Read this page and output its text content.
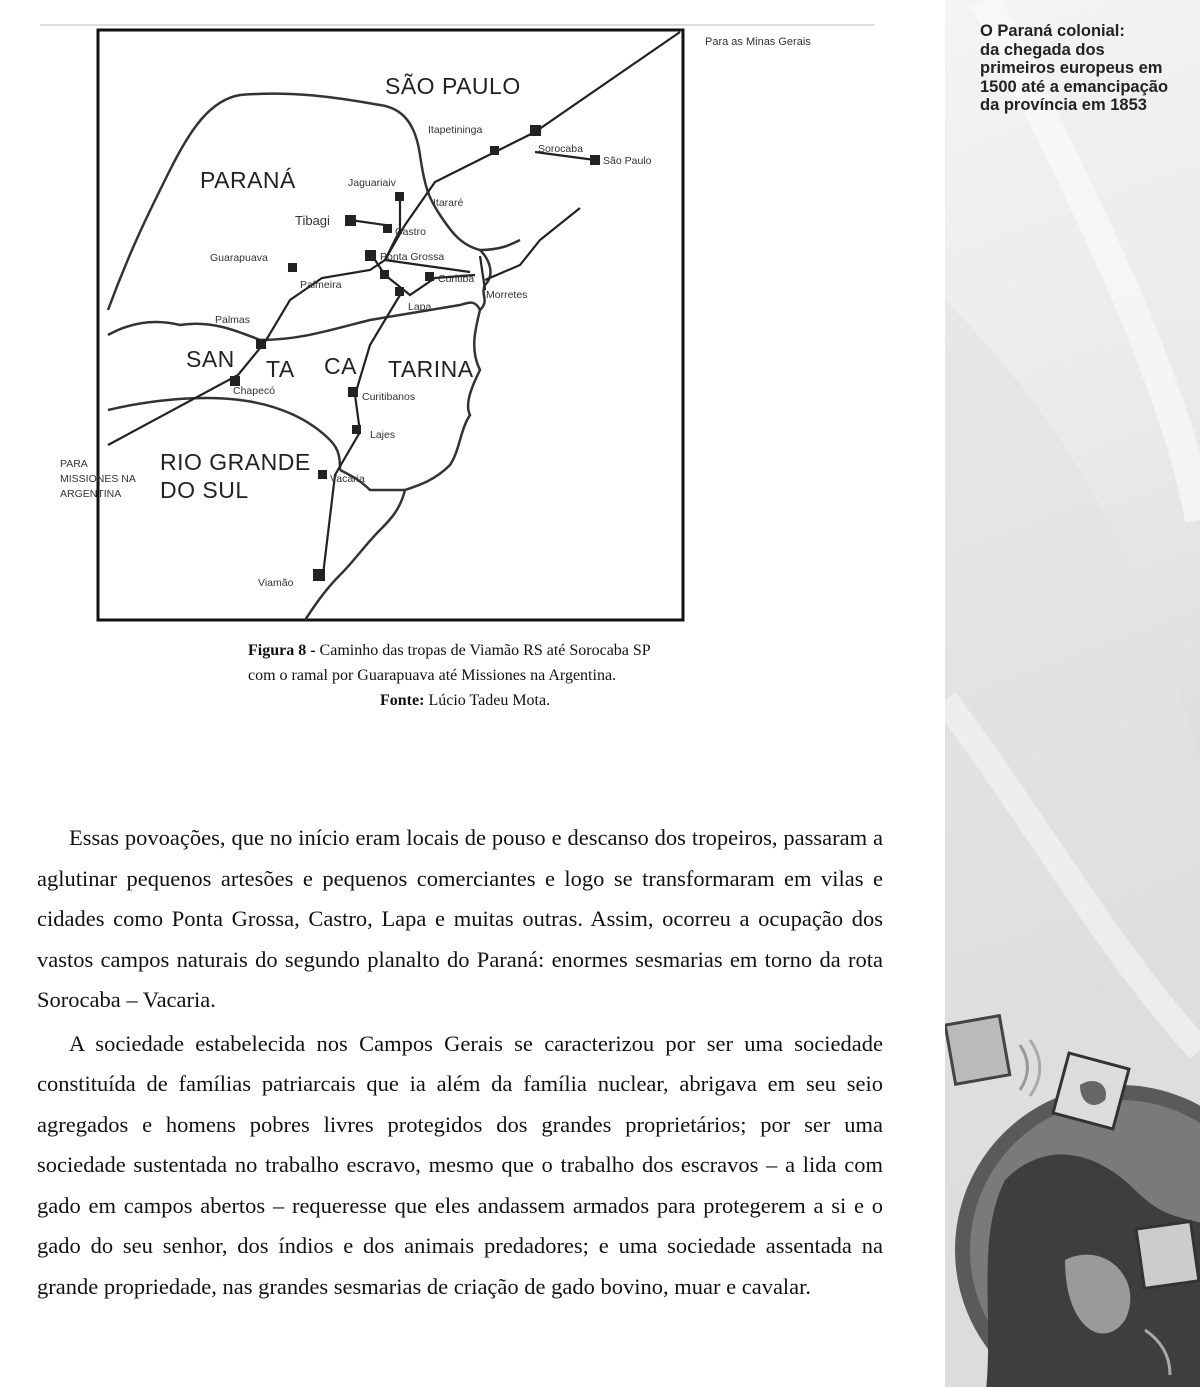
O Paraná colonial:
da chegada dos
primeiros europeus em
1500 até a emancipação
da província em 1853
SÃO PAULO
PARANÁ
SAN TA CA TARINA
RIO GRANDE
DO SUL
Itapetininga
Sorocaba
São Paulo
Jaguariaiv
Itararé
Tibagi
Castro
Guarapuava	Ponta Grossa
Palmeira	Curitiba
Morretes
Lapa
Palmas
Chapecó	Curitibanos
Lajes
Vacaria
Viamão
Para as Minas Gerais
PARA
MISSIONES NA
ARGENTINA
Figura 8 - Caminho das tropas de Viamão RS até Sorocaba SP
com o ramal por Guarapuava até Missiones na Argentina.
Fonte: Lúcio Tadeu Mota.

Essas povoações, que no início eram locais de pouso e descanso dos tropeiros, passaram a aglutinar pequenos artesões e pequenos comerciantes e logo se transformaram em vilas e cidades como Ponta Grossa, Castro, Lapa e muitas outras. Assim, ocorreu a ocupação dos vastos campos naturais do segundo planalto do Paraná: enormes sesmarias em torno da rota Sorocaba – Vacaria.

A sociedade estabelecida nos Campos Gerais se caracterizou por ser uma sociedade constituída de famílias patriarcais que ia além da família nuclear, abrigava em seu seio agregados e homens pobres livres protegidos dos grandes proprietários; por ser uma sociedade sustentada no trabalho escravo, mesmo que o trabalho dos escravos – a lida com gado em campos abertos – requeresse que eles andassem armados para protegerem a si e o gado do seu senhor, dos índios e dos animais predadores; e uma sociedade assentada na grande propriedade, nas grandes sesmarias de criação de gado bovino, muar e cavalar.
